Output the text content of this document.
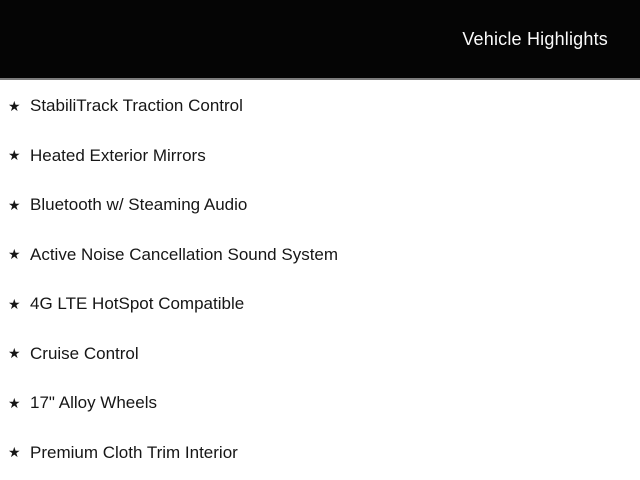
Vehicle Highlights
★ StabiliTrack Traction Control
★ Heated Exterior Mirrors
★ Bluetooth w/ Steaming Audio
★ Active Noise Cancellation Sound System
★ 4G LTE HotSpot Compatible
★ Cruise Control
★ 17" Alloy Wheels
★ Premium Cloth Trim Interior
